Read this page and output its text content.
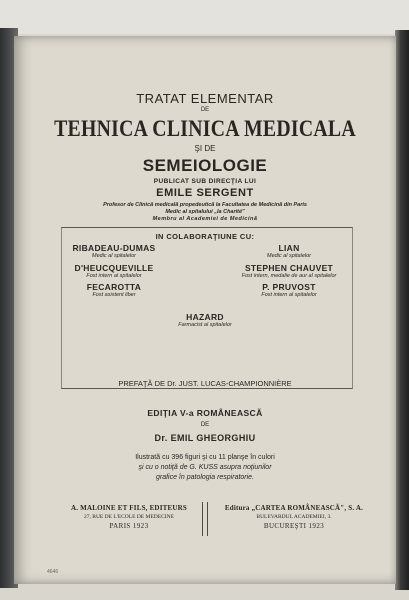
TRATAT ELEMENTAR
DE
TEHNICA CLINICA MEDICALA
ŞI DE
SEMEIOLOGIE
PUBLICAT SUB DIRECŢIA LUI
EMILE SERGENT
Profesor de Clinică medicală propedeutică la Facultatea de Medicină din Paris
Medic al spitalului „la Charité"
Membru al Academiei de Medicină
IN COLABORAŢIUNE CU:
RIBADEAU-DUMAS
Medic al spitalelor
LIAN
Medic al spitalelor
D'HEUCQUEVILLE
Fost intern al spitalelor
STEPHEN CHAUVET
Fost intern, medalie de aur al spitalelor
FECAROTTA
Fost asistent liber
P. PRUVOST
Fost intern al spitalelor
HAZARD
Farmacist al spitalelor
PREFAŢĂ DE Dr. JUST. LUCAS-CHAMPIONNIÈRE
EDIŢIA V-a ROMÂNEASCĂ
DE
Dr. EMIL GHEORGHIU
Ilustrată cu 396 figuri şi cu 11 planşe în culori
şi cu o notiţă de G. KUSS asupra noţiunilor
grafice în patologia respiratorie.
A. MALOINE ET FILS, EDITEURS
27, RUE DE L'ECOLE DE MEDECINE
PARIS 1923
Editura „CARTEA ROMÂNEASCĂ", S. A.
BULEVARDUL ACADEMIEI, 3.
BUCUREŞTI 1923
4646
